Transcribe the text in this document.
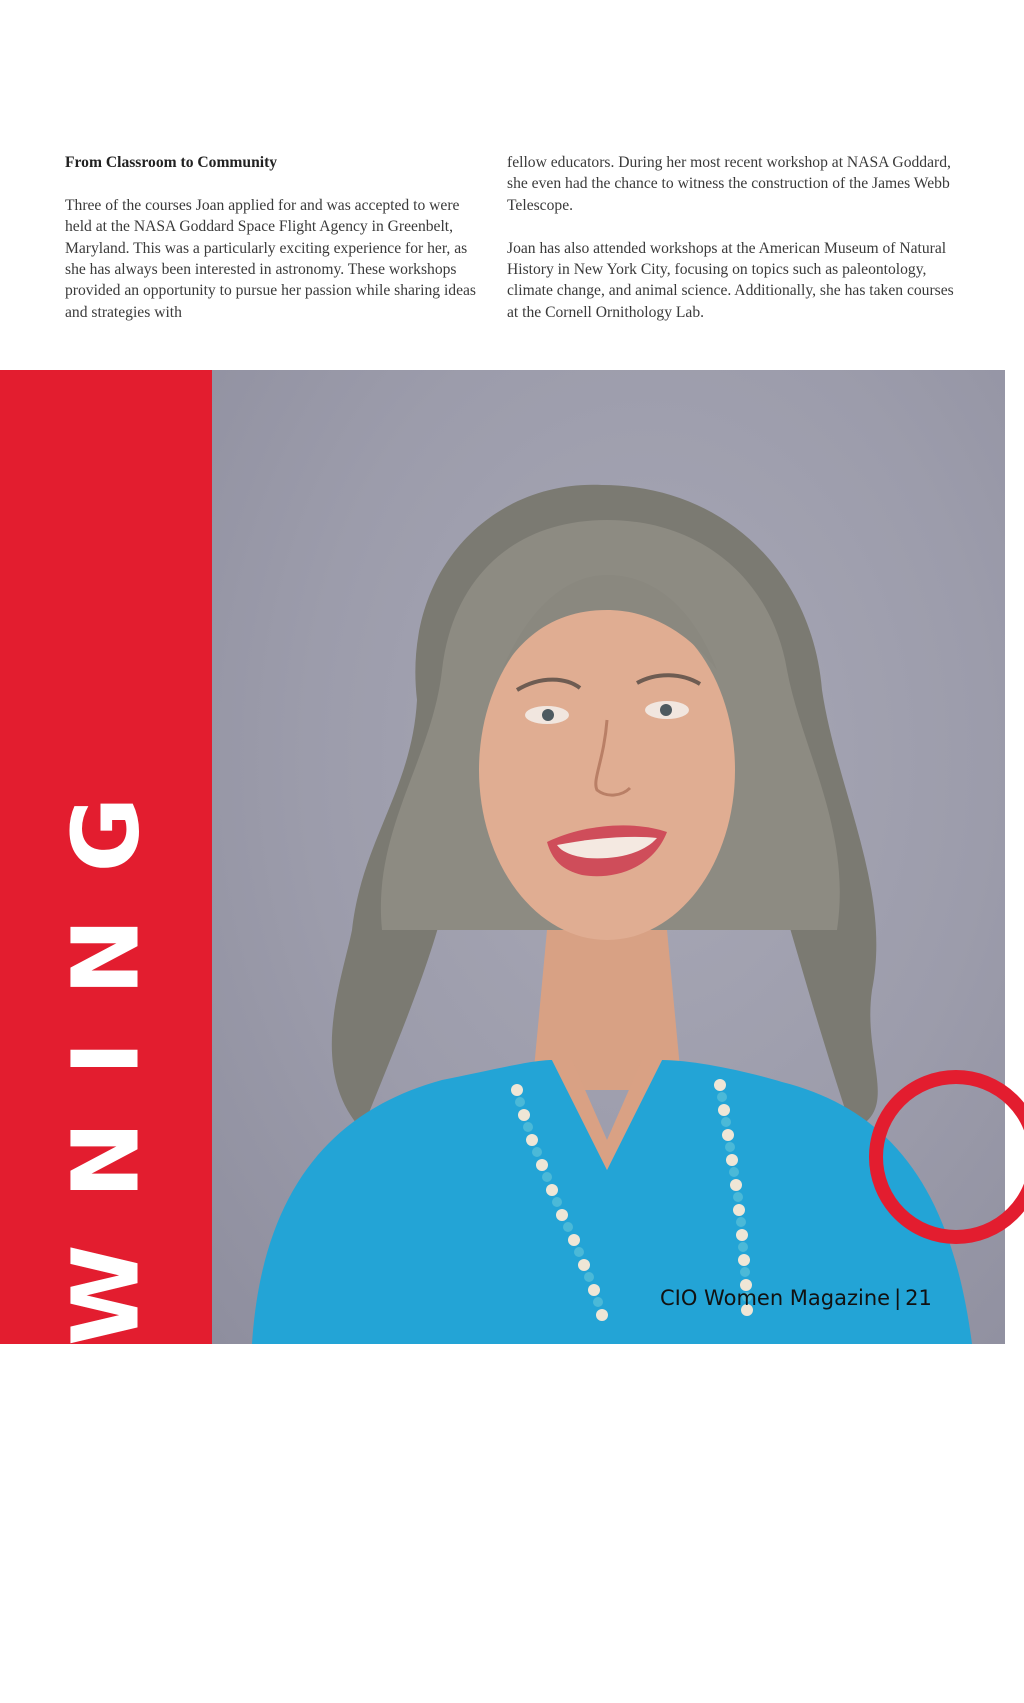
From Classroom to Community

Three of the courses Joan applied for and was accepted to were held at the NASA Goddard Space Flight Agency in Greenbelt, Maryland. This was a particularly exciting experience for her, as she has always been interested in astronomy. These workshops provided an opportunity to pursue her passion while sharing ideas and strategies with

fellow educators. During her most recent workshop at NASA Goddard, she even had the chance to witness the construction of the James Webb Telescope.

Joan has also attended workshops at the American Museum of Natural History in New York City, focusing on topics such as paleontology, climate change, and animal science. Additionally, she has taken courses at the Cornell Ornithology Lab.

BROWNING	CIO Women Magazine | 21
